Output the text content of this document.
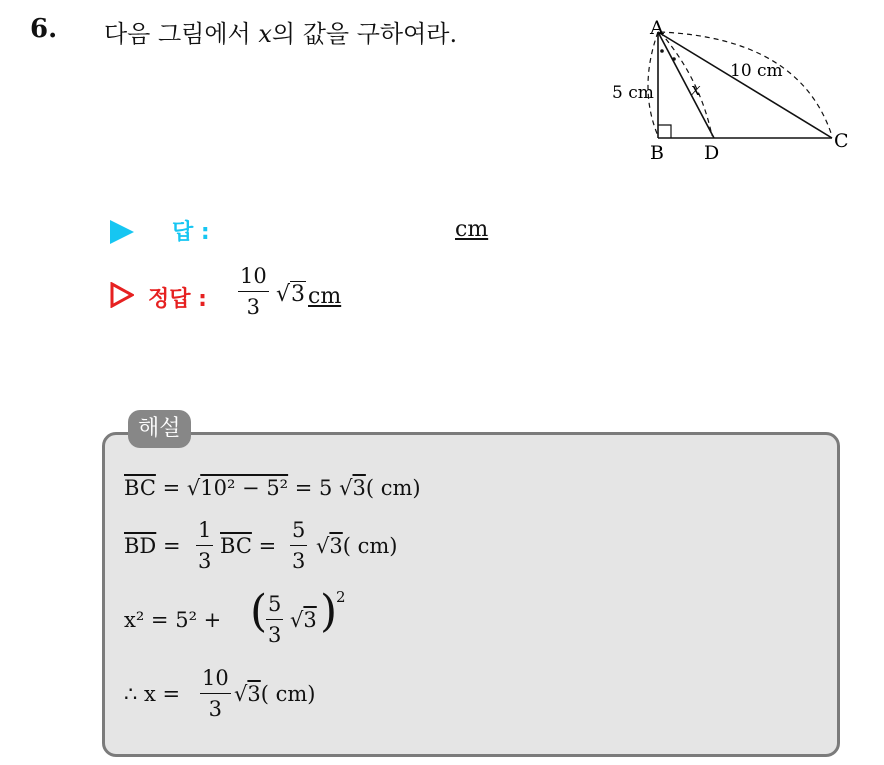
6. 다음 그림에서 x의 값을 구하여라.	A
B D
C
5 cm
10 cm
x
답 :	cm
정답 : $\frac{10}{3} √3$ cm
해설
$\overline{BC} = √10^2 - 5^2 = 5$ √3( cm)
$\overline{BD} = \frac{1}{3} \overline{BC} = \frac{5}{3} √3$( cm)
x² = 5² + (
$\frac{5}{3} √3$ )
2
∴ $x = \frac{10}{3} √3$( cm)
